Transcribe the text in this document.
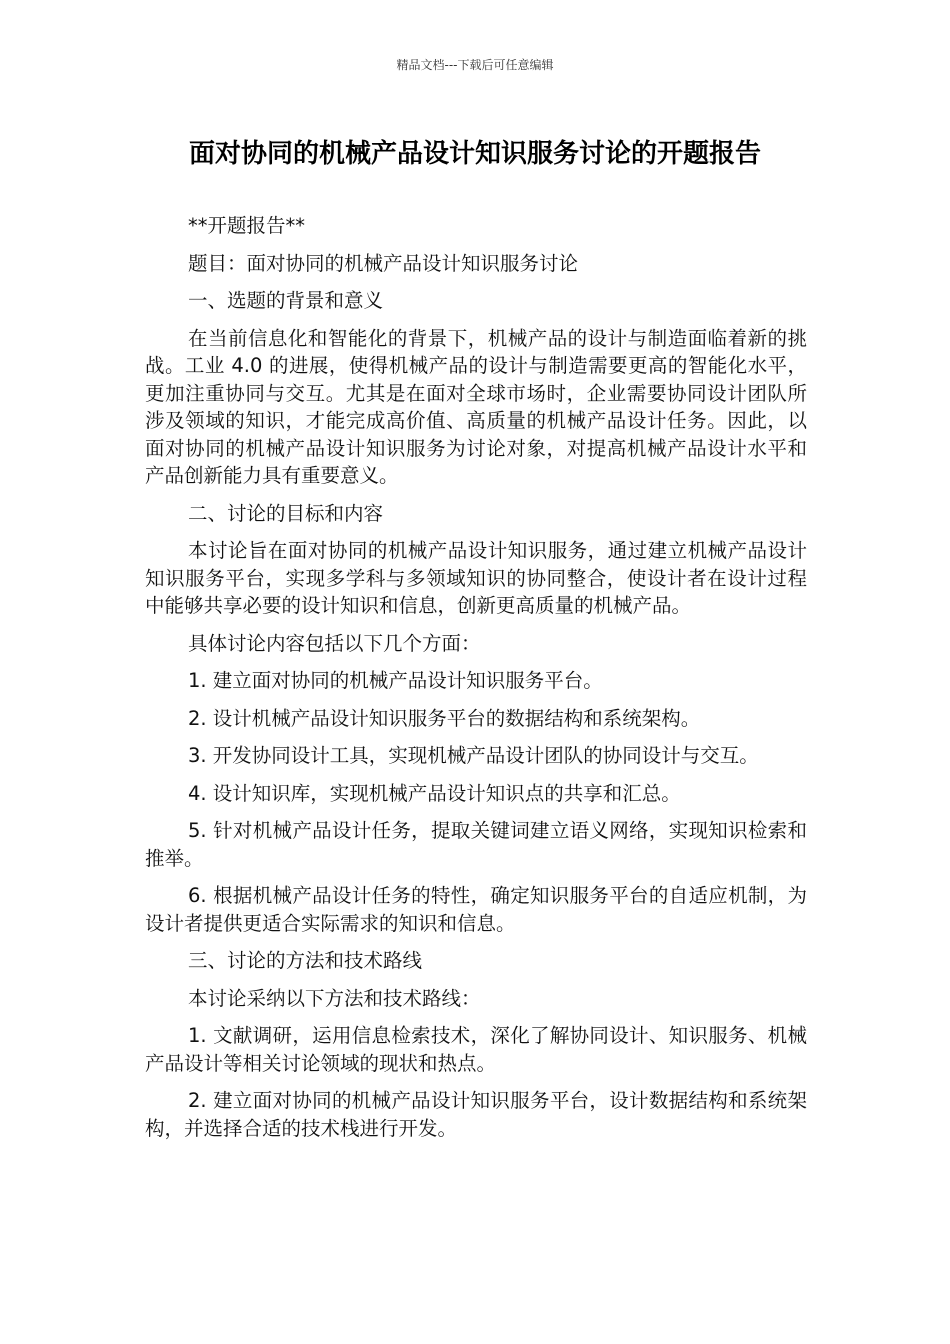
精品文档---下载后可任意编辑
面对协同的机械产品设计知识服务讨论的开题报告

**开题报告**

题目：面对协同的机械产品设计知识服务讨论

一、选题的背景和意义

在当前信息化和智能化的背景下，机械产品的设计与制造面临着新的挑战。工业 4.0 的进展，使得机械产品的设计与制造需要更高的智能化水平，更加注重协同与交互。尤其是在面对全球市场时，企业需要协同设计团队所涉及领域的知识，才能完成高价值、高质量的机械产品设计任务。因此，以面对协同的机械产品设计知识服务为讨论对象，对提高机械产品设计水平和产品创新能力具有重要意义。

二、讨论的目标和内容

本讨论旨在面对协同的机械产品设计知识服务，通过建立机械产品设计知识服务平台，实现多学科与多领域知识的协同整合，使设计者在设计过程中能够共享必要的设计知识和信息，创新更高质量的机械产品。

具体讨论内容包括以下几个方面：

1. 建立面对协同的机械产品设计知识服务平台。

2. 设计机械产品设计知识服务平台的数据结构和系统架构。

3. 开发协同设计工具，实现机械产品设计团队的协同设计与交互。

4. 设计知识库，实现机械产品设计知识点的共享和汇总。

5. 针对机械产品设计任务，提取关键词建立语义网络，实现知识检索和推举。

6. 根据机械产品设计任务的特性，确定知识服务平台的自适应机制，为设计者提供更适合实际需求的知识和信息。

三、讨论的方法和技术路线

本讨论采纳以下方法和技术路线：

1. 文献调研，运用信息检索技术，深化了解协同设计、知识服务、机械产品设计等相关讨论领域的现状和热点。

2. 建立面对协同的机械产品设计知识服务平台，设计数据结构和系统架构，并选择合适的技术栈进行开发。
